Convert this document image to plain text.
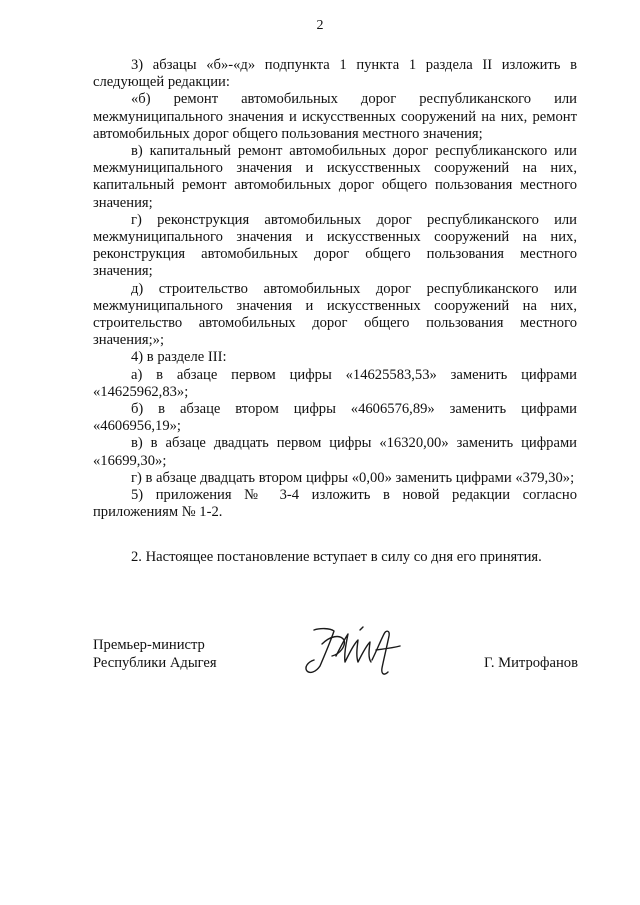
2

3) абзацы «б»-«д» подпункта 1 пункта 1 раздела II изложить в следующей редакции:

«б) ремонт автомобильных дорог республиканского или межмуниципального значения и искусственных сооружений на них, ремонт автомобильных дорог общего пользования местного значения;

в) капитальный ремонт автомобильных дорог республиканского или межмуниципального значения и искусственных сооружений на них, капитальный ремонт автомобильных дорог общего пользования местного значения;

г) реконструкция автомобильных дорог республиканского или межмуниципального значения и искусственных сооружений на них, реконструкция автомобильных дорог общего пользования местного значения;

д) строительство автомобильных дорог республиканского или межмуниципального значения и искусственных сооружений на них, строительство автомобильных дорог общего пользования местного значения;»;

4) в разделе III:

а) в абзаце первом цифры «14625583,53» заменить цифрами «14625962,83»;

б) в абзаце втором цифры «4606576,89» заменить цифрами «4606956,19»;

в) в абзаце двадцать первом цифры «16320,00» заменить цифрами «16699,30»;

г) в абзаце двадцать втором цифры «0,00» заменить цифрами «379,30»;

5) приложения № 3-4 изложить в новой редакции согласно приложениям № 1-2.

2. Настоящее постановление вступает в силу со дня его принятия.
Премьер-министр
Республики Адыгея	Г. Митрофанов
